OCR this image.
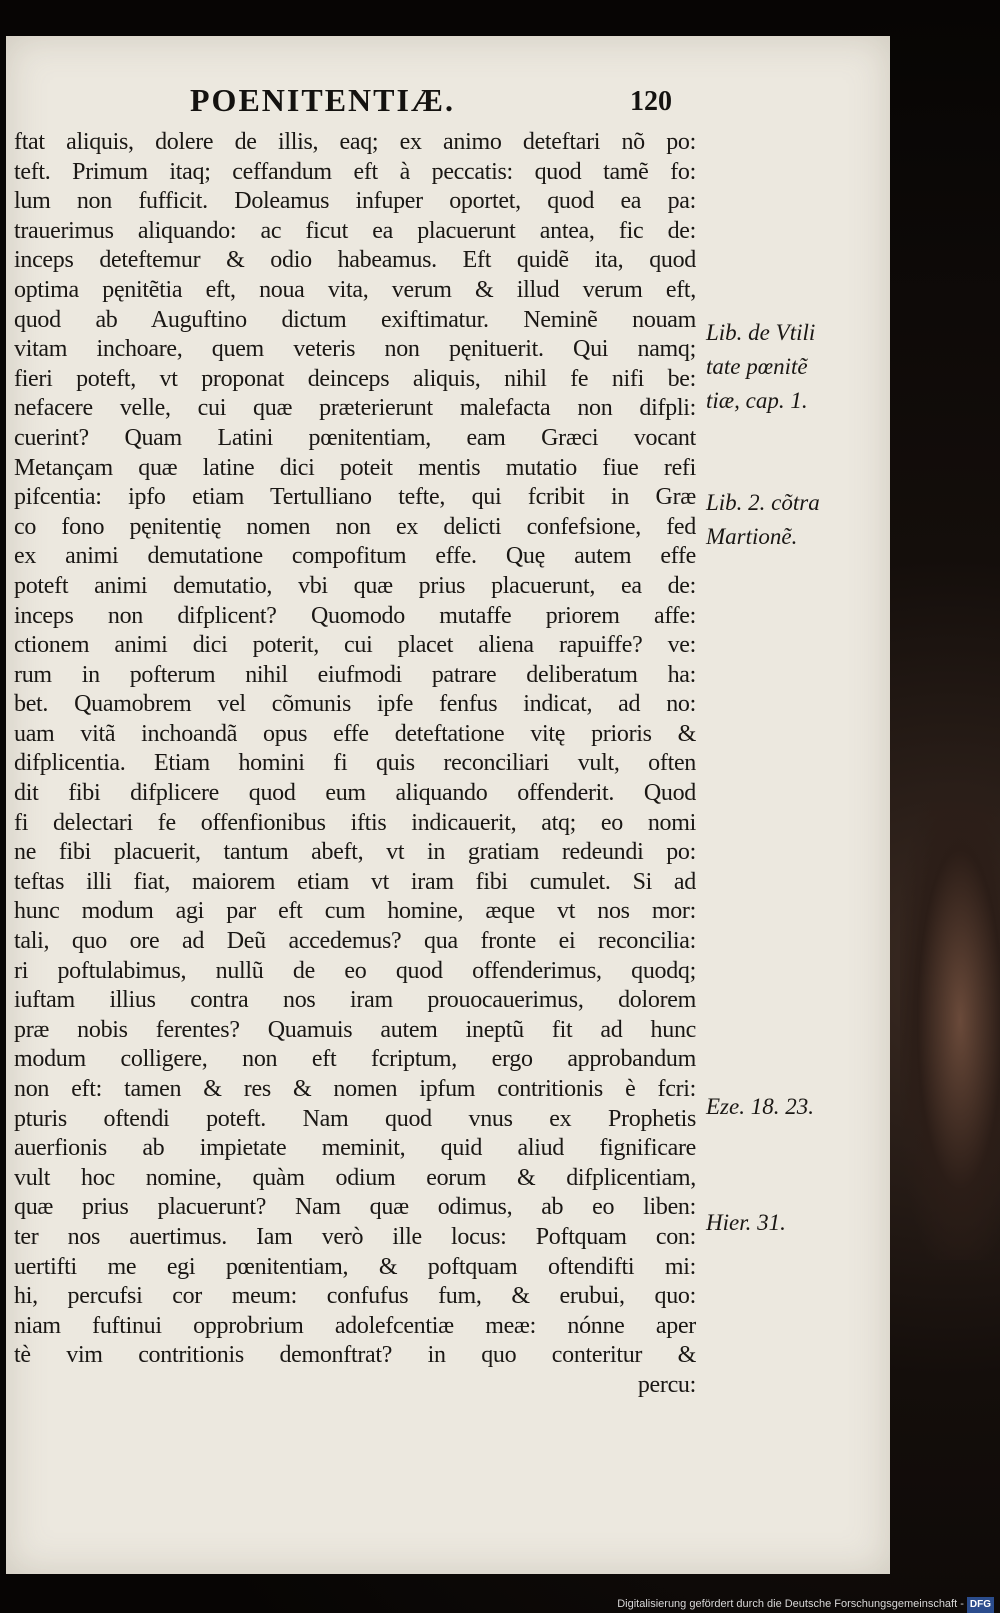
POENITENTIÆ.	120
ftat aliquis, dolere de illis, eaq; ex animo deteftari nõ po:
teft. Primum itaq; ceffandum eft à peccatis: quod tamẽ fo:
lum non fufficit. Doleamus infuper oportet, quod ea pa:
trauerimus aliquando: ac ficut ea placuerunt antea, fic de:
inceps deteftemur & odio habeamus. Eft quidẽ ita, quod
optima pęnitẽtia eft, noua vita, verum & illud verum eft,
quod ab Auguftino dictum exiftimatur. Neminẽ nouam
vitam inchoare, quem veteris non pęnituerit. Qui namq;
fieri poteft, vt proponat deinceps aliquis, nihil fe nifi be:
nefacere velle, cui quæ præterierunt malefacta non difpli:
cuerint? Quam Latini pœnitentiam, eam Græci vocant
Metançam quæ latine dici poteit mentis mutatio fiue refi
pifcentia: ipfo etiam Tertulliano tefte, qui fcribit in Græ
co fono pęnitentię nomen non ex delicti confefsione, fed
ex animi demutatione compofitum effe. Quę autem effe
poteft animi demutatio, vbi quæ prius placuerunt, ea de:
inceps non difplicent? Quomodo mutaffe priorem affe:
ctionem animi dici poterit, cui placet aliena rapuiffe? ve:
rum in pofterum nihil eiufmodi patrare deliberatum ha:
bet. Quamobrem vel cõmunis ipfe fenfus indicat, ad no:
uam vitã inchoandã opus effe deteftatione vitę prioris &
difplicentia. Etiam homini fi quis reconciliari vult, often
dit fibi difplicere quod eum aliquando offenderit. Quod
fi delectari fe offenfionibus iftis indicauerit, atq; eo nomi
ne fibi placuerit, tantum abeft, vt in gratiam redeundi po:
teftas illi fiat, maiorem etiam vt iram fibi cumulet. Si ad
hunc modum agi par eft cum homine, æque vt nos mor:
tali, quo ore ad Deũ accedemus? qua fronte ei reconcilia:
ri poftulabimus, nullũ de eo quod offenderimus, quodq;
iuftam illius contra nos iram prouocauerimus, dolorem
præ nobis ferentes? Quamuis autem ineptũ fit ad hunc
modum colligere, non eft fcriptum, ergo approbandum
non eft: tamen & res & nomen ipfum contritionis è fcri:
pturis oftendi poteft. Nam quod vnus ex Prophetis
auerfionis ab impietate meminit, quid aliud fignificare
vult hoc nomine, quàm odium eorum & difplicentiam,
quæ prius placuerunt? Nam quæ odimus, ab eo liben:
ter nos auertimus. Iam verò ille locus: Poftquam con:
uertifti me egi pœnitentiam, & poftquam oftendifti mi:
hi, percufsi cor meum: confufus fum, & erubui, quo:
niam fuftinui opprobrium adolefcentiæ meæ: nónne aper
tè vim contritionis demonftrat? in quo conteritur &
percu:
Lib. de Vtili
tate pœnitẽ
tiæ, cap. 1.
Lib. 2. cõtra
Martionẽ.
Eze. 18. 23.
Hier. 31.
Digitalisierung gefördert durch die Deutsche Forschungsgemeinschaft - DFG
